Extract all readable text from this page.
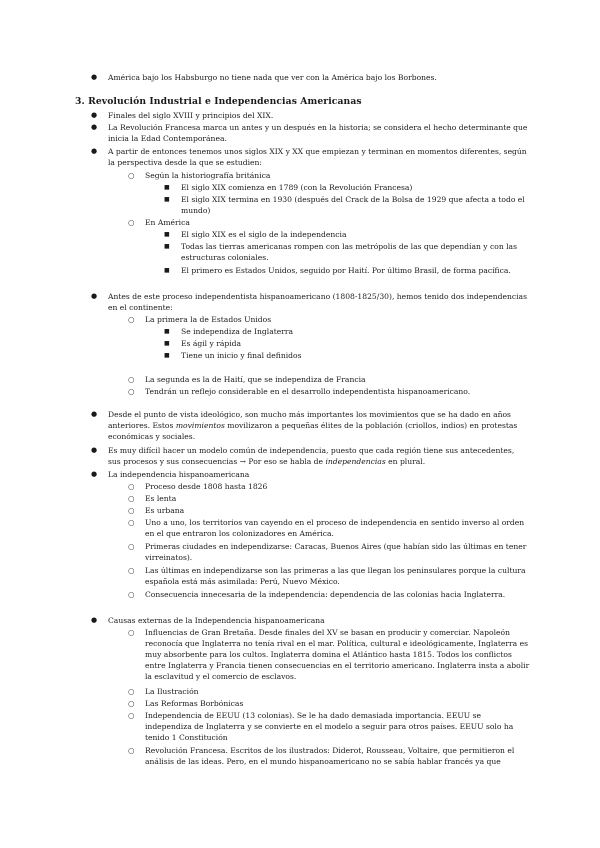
● América bajo los Habsburgo no tiene nada que ver con la América bajo los Borbones.
3. Revolución Industrial e Independencias Americanas
● Finales del siglo XVIII y principios del XIX.
● La Revolución Francesa marca un antes y un después en la historia; se considera el hecho determinante que inicia la Edad Contemporánea.
● A partir de entonces tenemos unos siglos XIX y XX que empiezan y terminan en momentos diferentes, según la perspectiva desde la que se estudien:
○ Según la historiografía británica
■ El siglo XIX comienza en 1789 (con la Revolución Francesa)
■ El siglo XIX termina en 1930 (después del Crack de la Bolsa de 1929 que afecta a todo el mundo)
○ En América
■ El siglo XIX es el siglo de la independencia
■ Todas las tierras americanas rompen con las metrópolis de las que dependían y con las estructuras coloniales.
■ El primero es Estados Unidos, seguido por Haití. Por último Brasil, de forma pacífica.
● Antes de este proceso independentista hispanoamericano (1808-1825/30), hemos tenido dos independencias en el continente:
○ La primera la de Estados Unidos
■ Se independiza de Inglaterra
■ Es ágil y rápida
■ Tiene un inicio y final definidos
○ La segunda es la de Haití, que se independiza de Francia
○ Tendrán un reflejo considerable en el desarrollo independentista hispanoamericano.
● Desde el punto de vista ideológico, son mucho más importantes los movimientos que se ha dado en años anteriores. Estos movimientos movilizaron a pequeñas élites de la población (criollos, indios) en protestas económicas y sociales.
● Es muy difícil hacer un modelo común de independencia, puesto que cada región tiene sus antecedentes, sus procesos y sus consecuencias → Por eso se habla de independencias en plural.
● La independencia hispanoamericana
○ Proceso desde 1808 hasta 1826
○ Es lenta
○ Es urbana
○ Uno a uno, los territorios van cayendo en el proceso de independencia en sentido inverso al orden en el que entraron los colonizadores en América.
○ Primeras ciudades en independizarse: Caracas, Buenos Aires (que habían sido las últimas en tener virreinatos).
○ Las últimas en independizarse son las primeras a las que llegan los peninsulares porque la cultura española está más asimilada: Perú, Nuevo México.
○ Consecuencia innecesaria de la independencia: dependencia de las colonias hacia Inglaterra.
● Causas externas de la Independencia hispanoamericana
○ Influencias de Gran Bretaña. Desde finales del XV se basan en producir y comerciar. Napoleón reconocía que Inglaterra no tenía rival en el mar. Política, cultural e ideológicamente, Inglaterra es muy absorbente para los cultos. Inglaterra domina el Atlántico hasta 1815. Todos los conflictos entre Inglaterra y Francia tienen consecuencias en el territorio americano. Inglaterra insta a abolir la esclavitud y el comercio de esclavos.
○ La Ilustración
○ Las Reformas Borbónicas
○ Independencia de EEUU (13 colonias). Se le ha dado demasiada importancia. EEUU se independiza de Inglaterra y se convierte en el modelo a seguir para otros países. EEUU solo ha tenido 1 Constitución
○ Revolución Francesa. Escritos de los ilustrados: Diderot, Rousseau, Voltaire, que permitieron el análisis de las ideas. Pero, en el mundo hispanoamericano no se sabía hablar francés ya que
